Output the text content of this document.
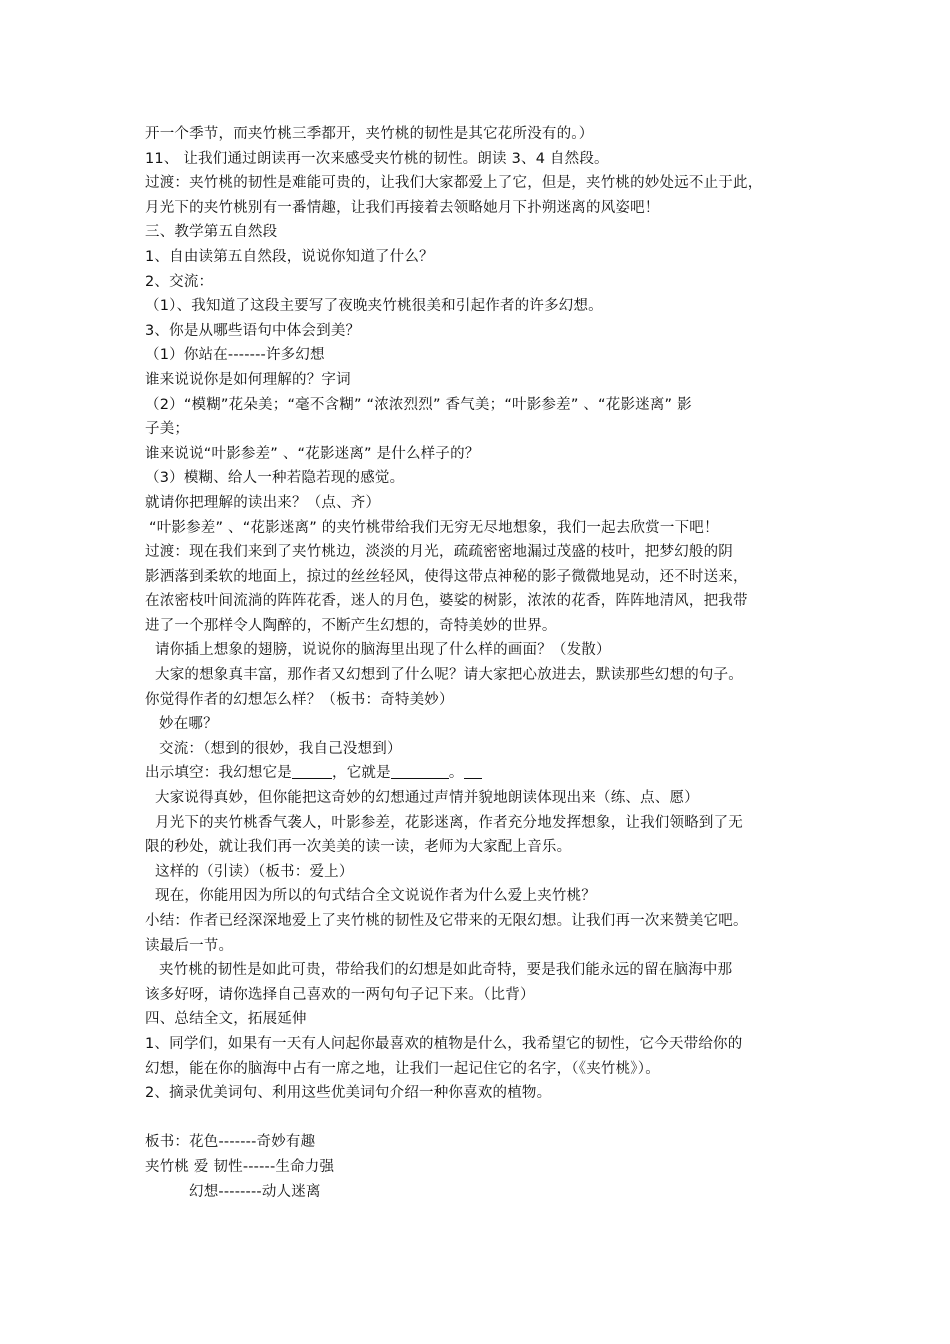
开一个季节，而夹竹桃三季都开，夹竹桃的韧性是其它花所没有的。）
11、 让我们通过朗读再一次来感受夹竹桃的韧性。朗读 3、4 自然段。
过渡：夹竹桃的韧性是难能可贵的，让我们大家都爱上了它，但是，夹竹桃的妙处远不止于此，
月光下的夹竹桃别有一番情趣，让我们再接着去领略她月下扑朔迷离的风姿吧！
三、教学第五自然段
1、自由读第五自然段，说说你知道了什么？
2、交流：
（1）、我知道了这段主要写了夜晚夹竹桃很美和引起作者的许多幻想。
3、你是从哪些语句中体会到美？
（1）你站在-------许多幻想
谁来说说你是如何理解的？字词
（2）“模糊”花朵美；“毫不含糊” “浓浓烈烈” 香气美；“叶影参差” 、“花影迷离” 影
子美；
谁来说说“叶影参差” 、“花影迷离” 是什么样子的？
（3）模糊、给人一种若隐若现的感觉。
就请你把理解的读出来？（点、齐）
“叶影参差” 、“花影迷离” 的夹竹桃带给我们无穷无尽地想象，我们一起去欣赏一下吧！
过渡：现在我们来到了夹竹桃边，淡淡的月光，疏疏密密地漏过茂盛的枝叶，把梦幻般的阴
影洒落到柔软的地面上，掠过的丝丝轻风，使得这带点神秘的影子微微地晃动，还不时送来，
在浓密枝叶间流淌的阵阵花香，迷人的月色，婆娑的树影，浓浓的花香，阵阵地清风，把我带
进了一个那样令人陶醉的，不断产生幻想的，奇特美妙的世界。
请你插上想象的翅膀，说说你的脑海里出现了什么样的画面？（发散）
大家的想象真丰富，那作者又幻想到了什么呢？请大家把心放进去，默读那些幻想的句子。
你觉得作者的幻想怎么样？（板书：奇特美妙）
妙在哪？
交流：（想到的很妙，我自己没想到）
出示填空：我幻想它是	，它就是	。
大家说得真妙，但你能把这奇妙的幻想通过声情并貌地朗读体现出来（练、点、愿）
月光下的夹竹桃香气袭人，叶影参差，花影迷离，作者充分地发挥想象，让我们领略到了无
限的秒处，就让我们再一次美美的读一读，老师为大家配上音乐。
这样的（引读）（板书：爱上）
现在，你能用因为所以的句式结合全文说说作者为什么爱上夹竹桃？
小结：作者已经深深地爱上了夹竹桃的韧性及它带来的无限幻想。让我们再一次来赞美它吧。
读最后一节。
夹竹桃的韧性是如此可贵，带给我们的幻想是如此奇特，要是我们能永远的留在脑海中那
该多好呀，请你选择自己喜欢的一两句句子记下来。（比背）
四、总结全文，拓展延伸
1、同学们，如果有一天有人问起你最喜欢的植物是什么，我希望它的韧性，它今天带给你的
幻想，能在你的脑海中占有一席之地，让我们一起记住它的名字，（《夹竹桃》）。
2、摘录优美词句、利用这些优美词句介绍一种你喜欢的植物。
板书：花色-------奇妙有趣
夹竹桃 爱 韧性------生命力强
幻想--------动人迷离
